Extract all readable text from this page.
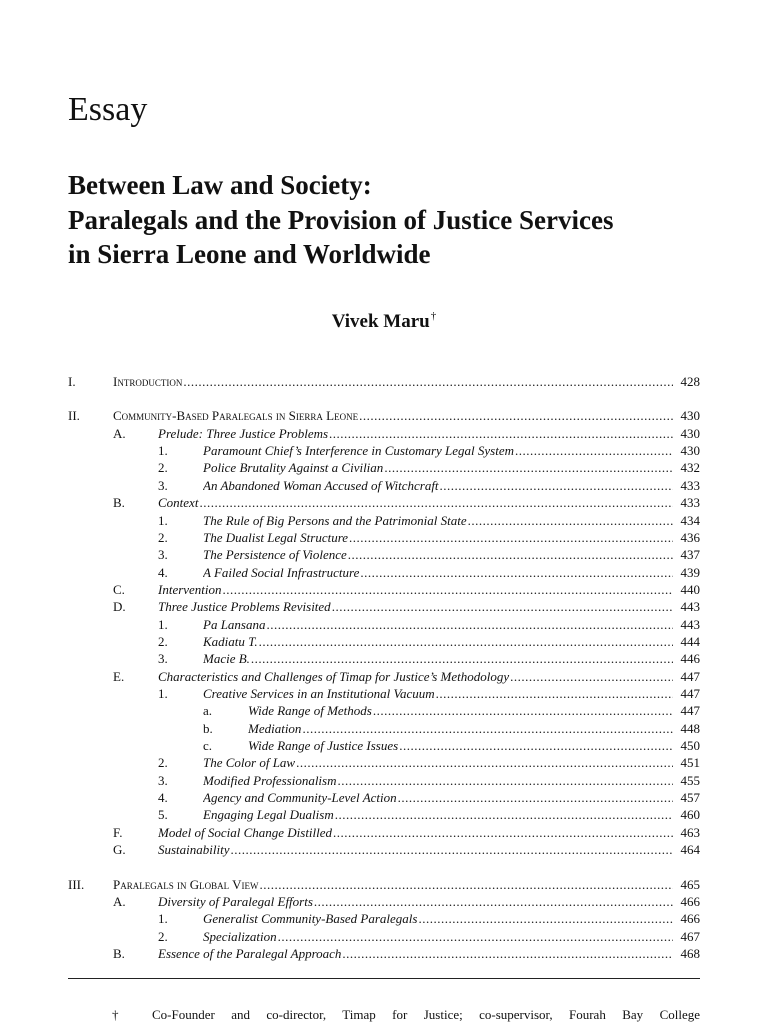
Essay
Between Law and Society:
Paralegals and the Provision of Justice Services
in Sierra Leone and Worldwide
Vivek Maru†
I.	Introduction .....	428
II.	Community-Based Paralegals in Sierra Leone .....	430
A. Prelude: Three Justice Problems .....	430
1.	Paramount Chief’s Interference in Customary Legal System .....	430
2.	Police Brutality Against a Civilian .....	432
3.	An Abandoned Woman Accused of Witchcraft .....	433
B.	Context .....	433
1.	The Rule of Big Persons and the Patrimonial State .....	434
2.	The Dualist Legal Structure .....	436
3.	The Persistence of Violence .....	437
4.	A Failed Social Infrastructure .....	439
C.	Intervention .....	440
D. Three Justice Problems Revisited .....	443
1.	Pa Lansana .....	443
2.	Kadiatu T. .....	444
3.	Macie B. .....	446
E.	Characteristics and Challenges of Timap for Justice’s Methodology .....	447
1.	Creative Services in an Institutional Vacuum .....	447
a.	Wide Range of Methods .....	447
b.	Mediation .....	448
c.	Wide Range of Justice Issues .....	450
2.	The Color of Law .....	451
3.	Modified Professionalism .....	455
4.	Agency and Community-Level Action .....	457
5.	Engaging Legal Dualism .....	460
F.	Model of Social Change Distilled .....	463
G. Sustainability .....	464
III. Paralegals in Global View .....	465
A. Diversity of Paralegal Efforts .....	466
1.	Generalist Community-Based Paralegals .....	466
2.	Specialization .....	467
B.	Essence of the Paralegal Approach .....	468
†	Co-Founder and co-director, Timap for Justice; co-supervisor, Fourah Bay College
